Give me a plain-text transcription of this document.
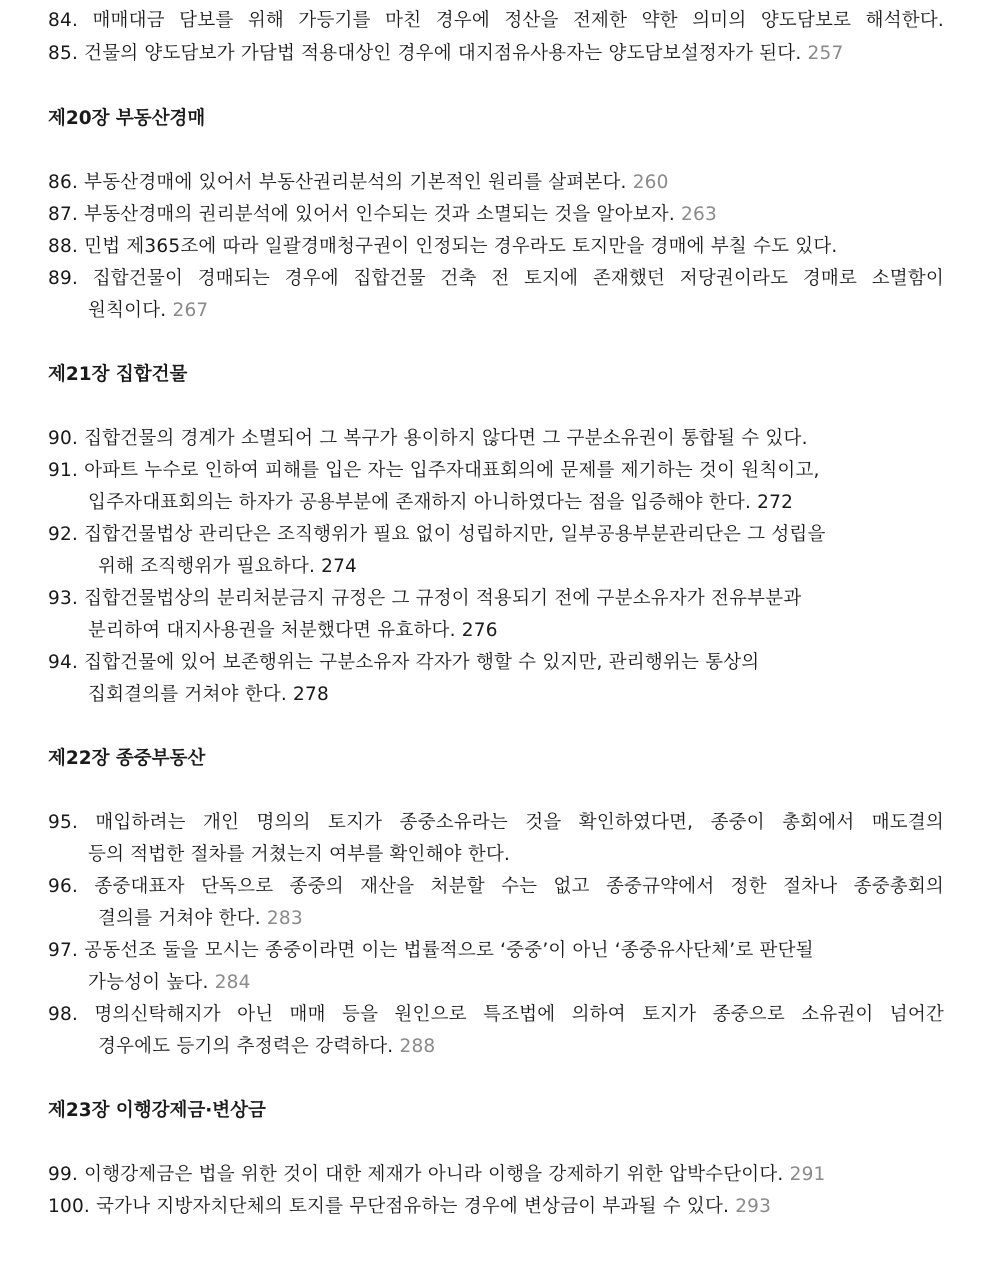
84. 매매대금 담보를 위해 가등기를 마친 경우에 정산을 전제한 약한 의미의 양도담보로 해석한다.
85. 건물의 양도담보가 가담법 적용대상인 경우에 대지점유사용자는 양도담보설정자가 된다. 257
제20장 부동산경매
86. 부동산경매에 있어서 부동산권리분석의 기본적인 원리를 살펴본다. 260
87. 부동산경매의 권리분석에 있어서 인수되는 것과 소멸되는 것을 알아보자. 263
88. 민법 제365조에 따라 일괄경매청구권이 인정되는 경우라도 토지만을 경매에 부칠 수도 있다.
89. 집합건물이 경매되는 경우에 집합건물 건축 전 토지에 존재했던 저당권이라도 경매로 소멸함이
원칙이다. 267
제21장 집합건물
90. 집합건물의 경계가 소멸되어 그 복구가 용이하지 않다면 그 구분소유권이 통합될 수 있다.
91. 아파트 누수로 인하여 피해를 입은 자는 입주자대표회의에 문제를 제기하는 것이 원칙이고,
입주자대표회의는 하자가 공용부분에 존재하지 아니하였다는 점을 입증해야 한다. 272
92. 집합건물법상 관리단은 조직행위가 필요 없이 성립하지만, 일부공용부분관리단은 그 성립을
위해 조직행위가 필요하다. 274
93. 집합건물법상의 분리처분금지 규정은 그 규정이 적용되기 전에 구분소유자가 전유부분과
분리하여 대지사용권을 처분했다면 유효하다. 276
94. 집합건물에 있어 보존행위는 구분소유자 각자가 행할 수 있지만, 관리행위는 통상의
집회결의를 거쳐야 한다. 278
제22장 종중부동산
95. 매입하려는 개인 명의의 토지가 종중소유라는 것을 확인하였다면, 종중이 총회에서 매도결의
등의 적법한 절차를 거쳤는지 여부를 확인해야 한다.
96. 종중대표자 단독으로 종중의 재산을 처분할 수는 없고 종중규약에서 정한 절차나 종중총회의
결의를 거쳐야 한다. 283
97. 공동선조 둘을 모시는 종중이라면 이는 법률적으로 ‘중중’이 아닌 ‘종중유사단체’로 판단될
가능성이 높다. 284
98. 명의신탁해지가 아닌 매매 등을 원인으로 특조법에 의하여 토지가 종중으로 소유권이 넘어간
경우에도 등기의 추정력은 강력하다. 288
제23장 이행강제금·변상금
99. 이행강제금은 법을 위한 것이 대한 제재가 아니라 이행을 강제하기 위한 압박수단이다. 291
100. 국가나 지방자치단체의 토지를 무단점유하는 경우에 변상금이 부과될 수 있다. 293
